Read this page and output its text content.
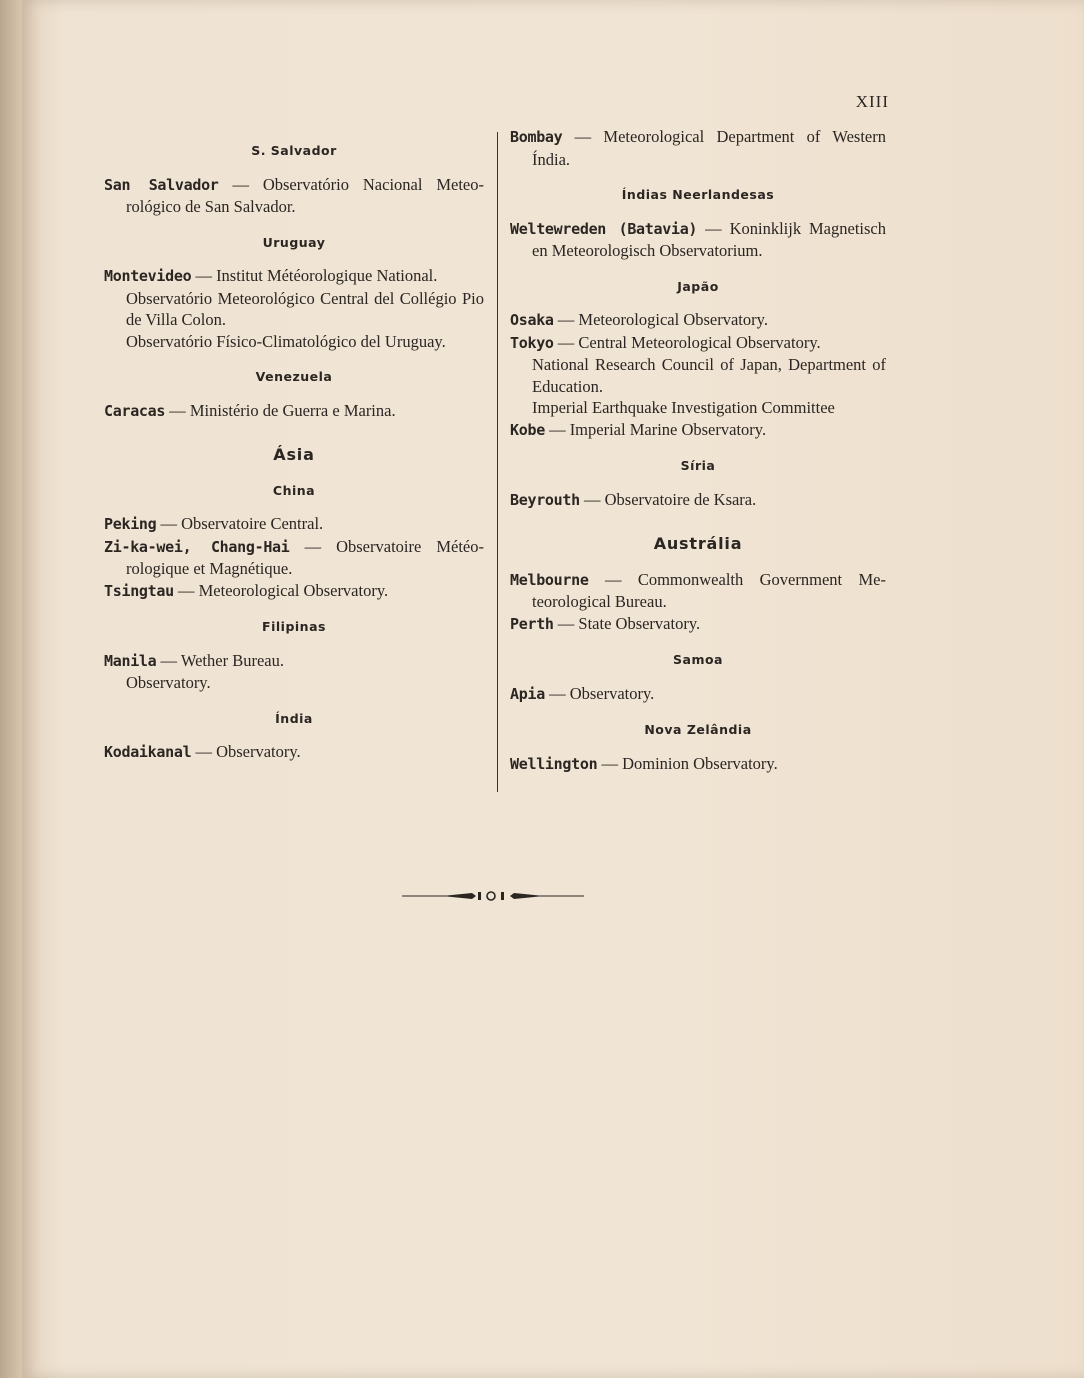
XIII
S. Salvador

San Salvador — Observatório Nacional Meteorológico de San Salvador.

Uruguay

Montevideo — Institut Météorologique National.

Observatório Meteorológico Central del Collégio Pio de Villa Colon.

Observatório Físico-Climatológico del Uruguay.

Venezuela

Caracas — Ministério de Guerra e Marina.

Ásia
China

Peking — Observatoire Central.

Zi-ka-wei, Chang-Hai — Observatoire Météorologique et Magnétique.

Tsingtau — Meteorological Observatory.

Filipinas

Manila — Wether Bureau.

Observatory.

Índia

Kodaikanal — Observatory.

Bombay — Meteorological Department of Western Índia.

Índias Neerlandesas

Weltewreden (Batavia) — Koninklijk Magnetisch en Meteorologisch Observatorium.

Japão

Osaka — Meteorological Observatory.

Tokyo — Central Meteorological Observatory.

National Research Council of Japan, Department of Education.

Imperial Earthquake Investigation Committee

Kobe — Imperial Marine Observatory.

Síria

Beyrouth — Observatoire de Ksara.

Austrália

Melbourne — Commonwealth Government Meteorological Bureau.

Perth — State Observatory.

Samoa

Apia — Observatory.

Nova Zelândia

Wellington — Dominion Observatory.
